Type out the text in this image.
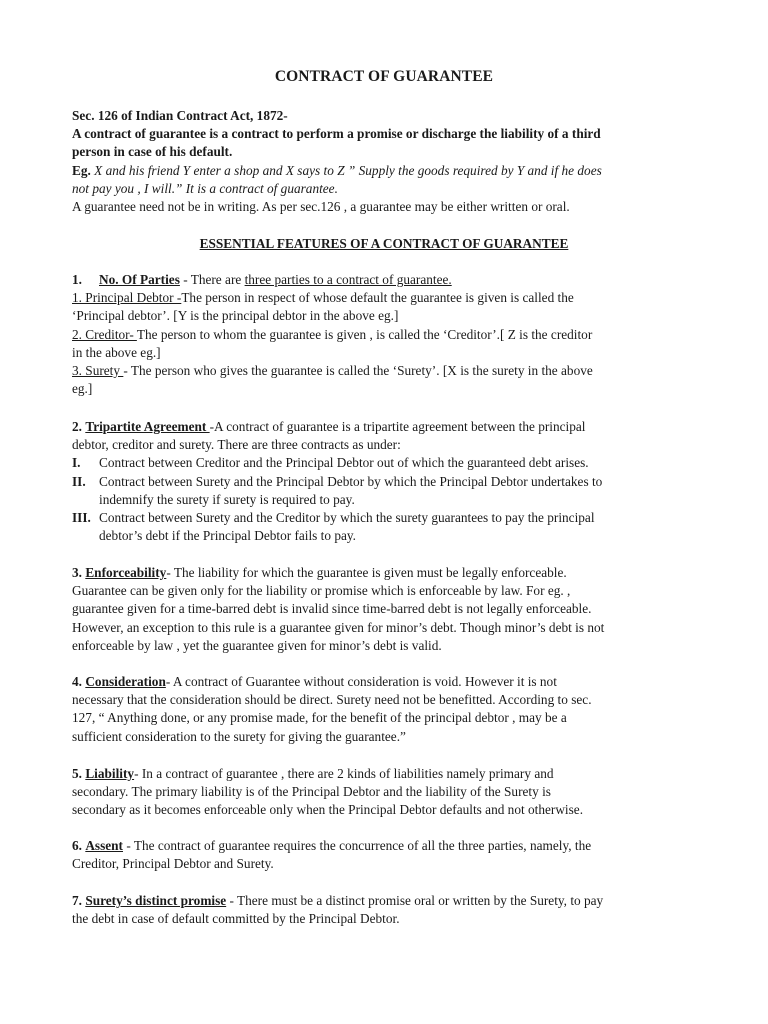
CONTRACT OF GUARANTEE
Sec. 126 of Indian Contract Act, 1872-
A contract of guarantee is a contract to perform a promise or discharge the liability of a third
person in case of his default.
Eg. X and his friend Y enter a shop and X says to Z ” Supply the goods required by Y and if he does
not pay you , I will.” It is a contract of guarantee.
A guarantee need not be in writing. As per sec.126 , a guarantee may be either written or oral.
ESSENTIAL FEATURES OF A CONTRACT OF GUARANTEE
1. No. Of Parties - There are three parties to a contract of guarantee.
1. Principal Debtor -The person in respect of whose default the guarantee is given is called the
‘Principal debtor’. [Y is the principal debtor in the above eg.]
2. Creditor- The person to whom the guarantee is given , is called the ‘Creditor’.[ Z is the creditor
in the above eg.]
3. Surety - The person who gives the guarantee is called the ‘Surety’. [X is the surety in the above
eg.]
2. Tripartite Agreement -A contract of guarantee is a tripartite agreement between the principal
debtor, creditor and surety. There are three contracts as under:
I.	Contract between Creditor and the Principal Debtor out of which the guaranteed debt arises.
II.	Contract between Surety and the Principal Debtor by which the Principal Debtor undertakes to
indemnify the surety if surety is required to pay.
III. Contract between Surety and the Creditor by which the surety guarantees to pay the principal
debtor’s debt if the Principal Debtor fails to pay.
3. Enforceability- The liability for which the guarantee is given must be legally enforceable.
Guarantee can be given only for the liability or promise which is enforceable by law. For eg. ,
guarantee given for a time-barred debt is invalid since time-barred debt is not legally enforceable.
However, an exception to this rule is a guarantee given for minor’s debt. Though minor’s debt is not
enforceable by law , yet the guarantee given for minor’s debt is valid.
4. Consideration- A contract of Guarantee without consideration is void. However it is not
necessary that the consideration should be direct. Surety need not be benefitted. According to sec.
127, “ Anything done, or any promise made, for the benefit of the principal debtor , may be a
sufficient consideration to the surety for giving the guarantee.”
5. Liability- In a contract of guarantee , there are 2 kinds of liabilities namely primary and
secondary. The primary liability is of the Principal Debtor and the liability of the Surety is
secondary as it becomes enforceable only when the Principal Debtor defaults and not otherwise.
6. Assent - The contract of guarantee requires the concurrence of all the three parties, namely, the
Creditor, Principal Debtor and Surety.
7. Surety’s distinct promise - There must be a distinct promise oral or written by the Surety, to pay
the debt in case of default committed by the Principal Debtor.
